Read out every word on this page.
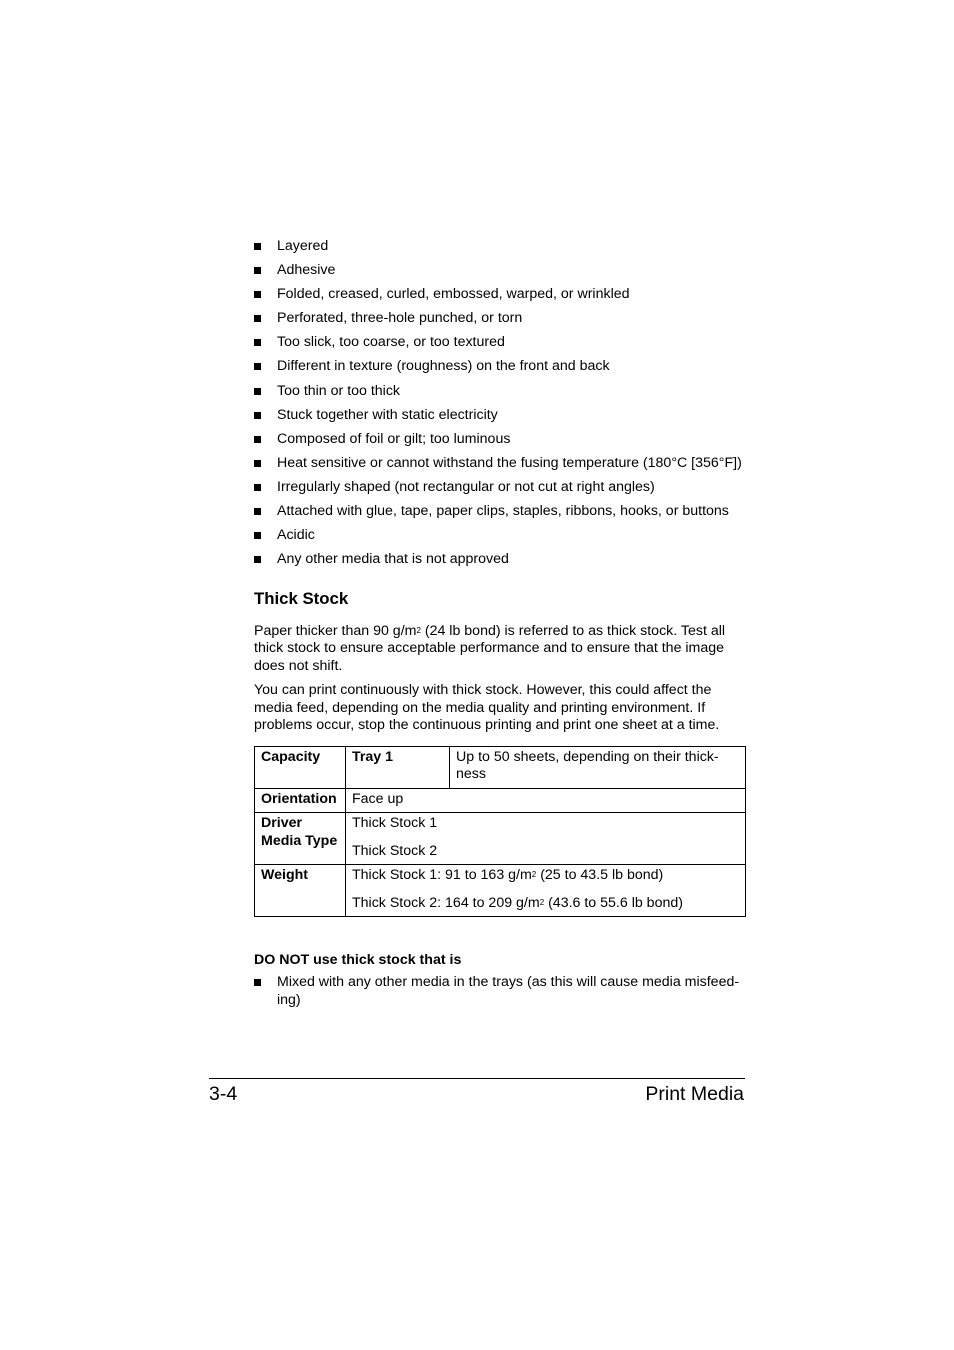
Layered
Adhesive
Folded, creased, curled, embossed, warped, or wrinkled
Perforated, three-hole punched, or torn
Too slick, too coarse, or too textured
Different in texture (roughness) on the front and back
Too thin or too thick
Stuck together with static electricity
Composed of foil or gilt; too luminous
Heat sensitive or cannot withstand the fusing temperature (180°C [356°F])
Irregularly shaped (not rectangular or not cut at right angles)
Attached with glue, tape, paper clips, staples, ribbons, hooks, or buttons
Acidic
Any other media that is not approved
Thick Stock

Paper thicker than 90 $g/m^2$ (24 lb bond) is referred to as thick stock. Test all thick stock to ensure acceptable performance and to ensure that the image does not shift.

You can print continuously with thick stock. However, this could affect the media feed, depending on the media quality and printing environment. If problems occur, stop the continuous printing and print one sheet at a time.

Capacity	Tray 1	Up to 50 sheets, depending on their thick-ness
Orientation	Face up	
Driver Media Type	Thick Stock 1
Thick Stock 2	

Weight	Thick Stock 1: 91 to 163 $g/m^2$ (25 to 43.5 lb bond)
Thick Stock 2: 164 to 209 $g/m^2$ (43.6 to 55.6 lb bond)	
DO NOT use thick stock that is
Mixed with any other media in the trays (as this will cause media misfeed-ing)
3-4	Print Media
